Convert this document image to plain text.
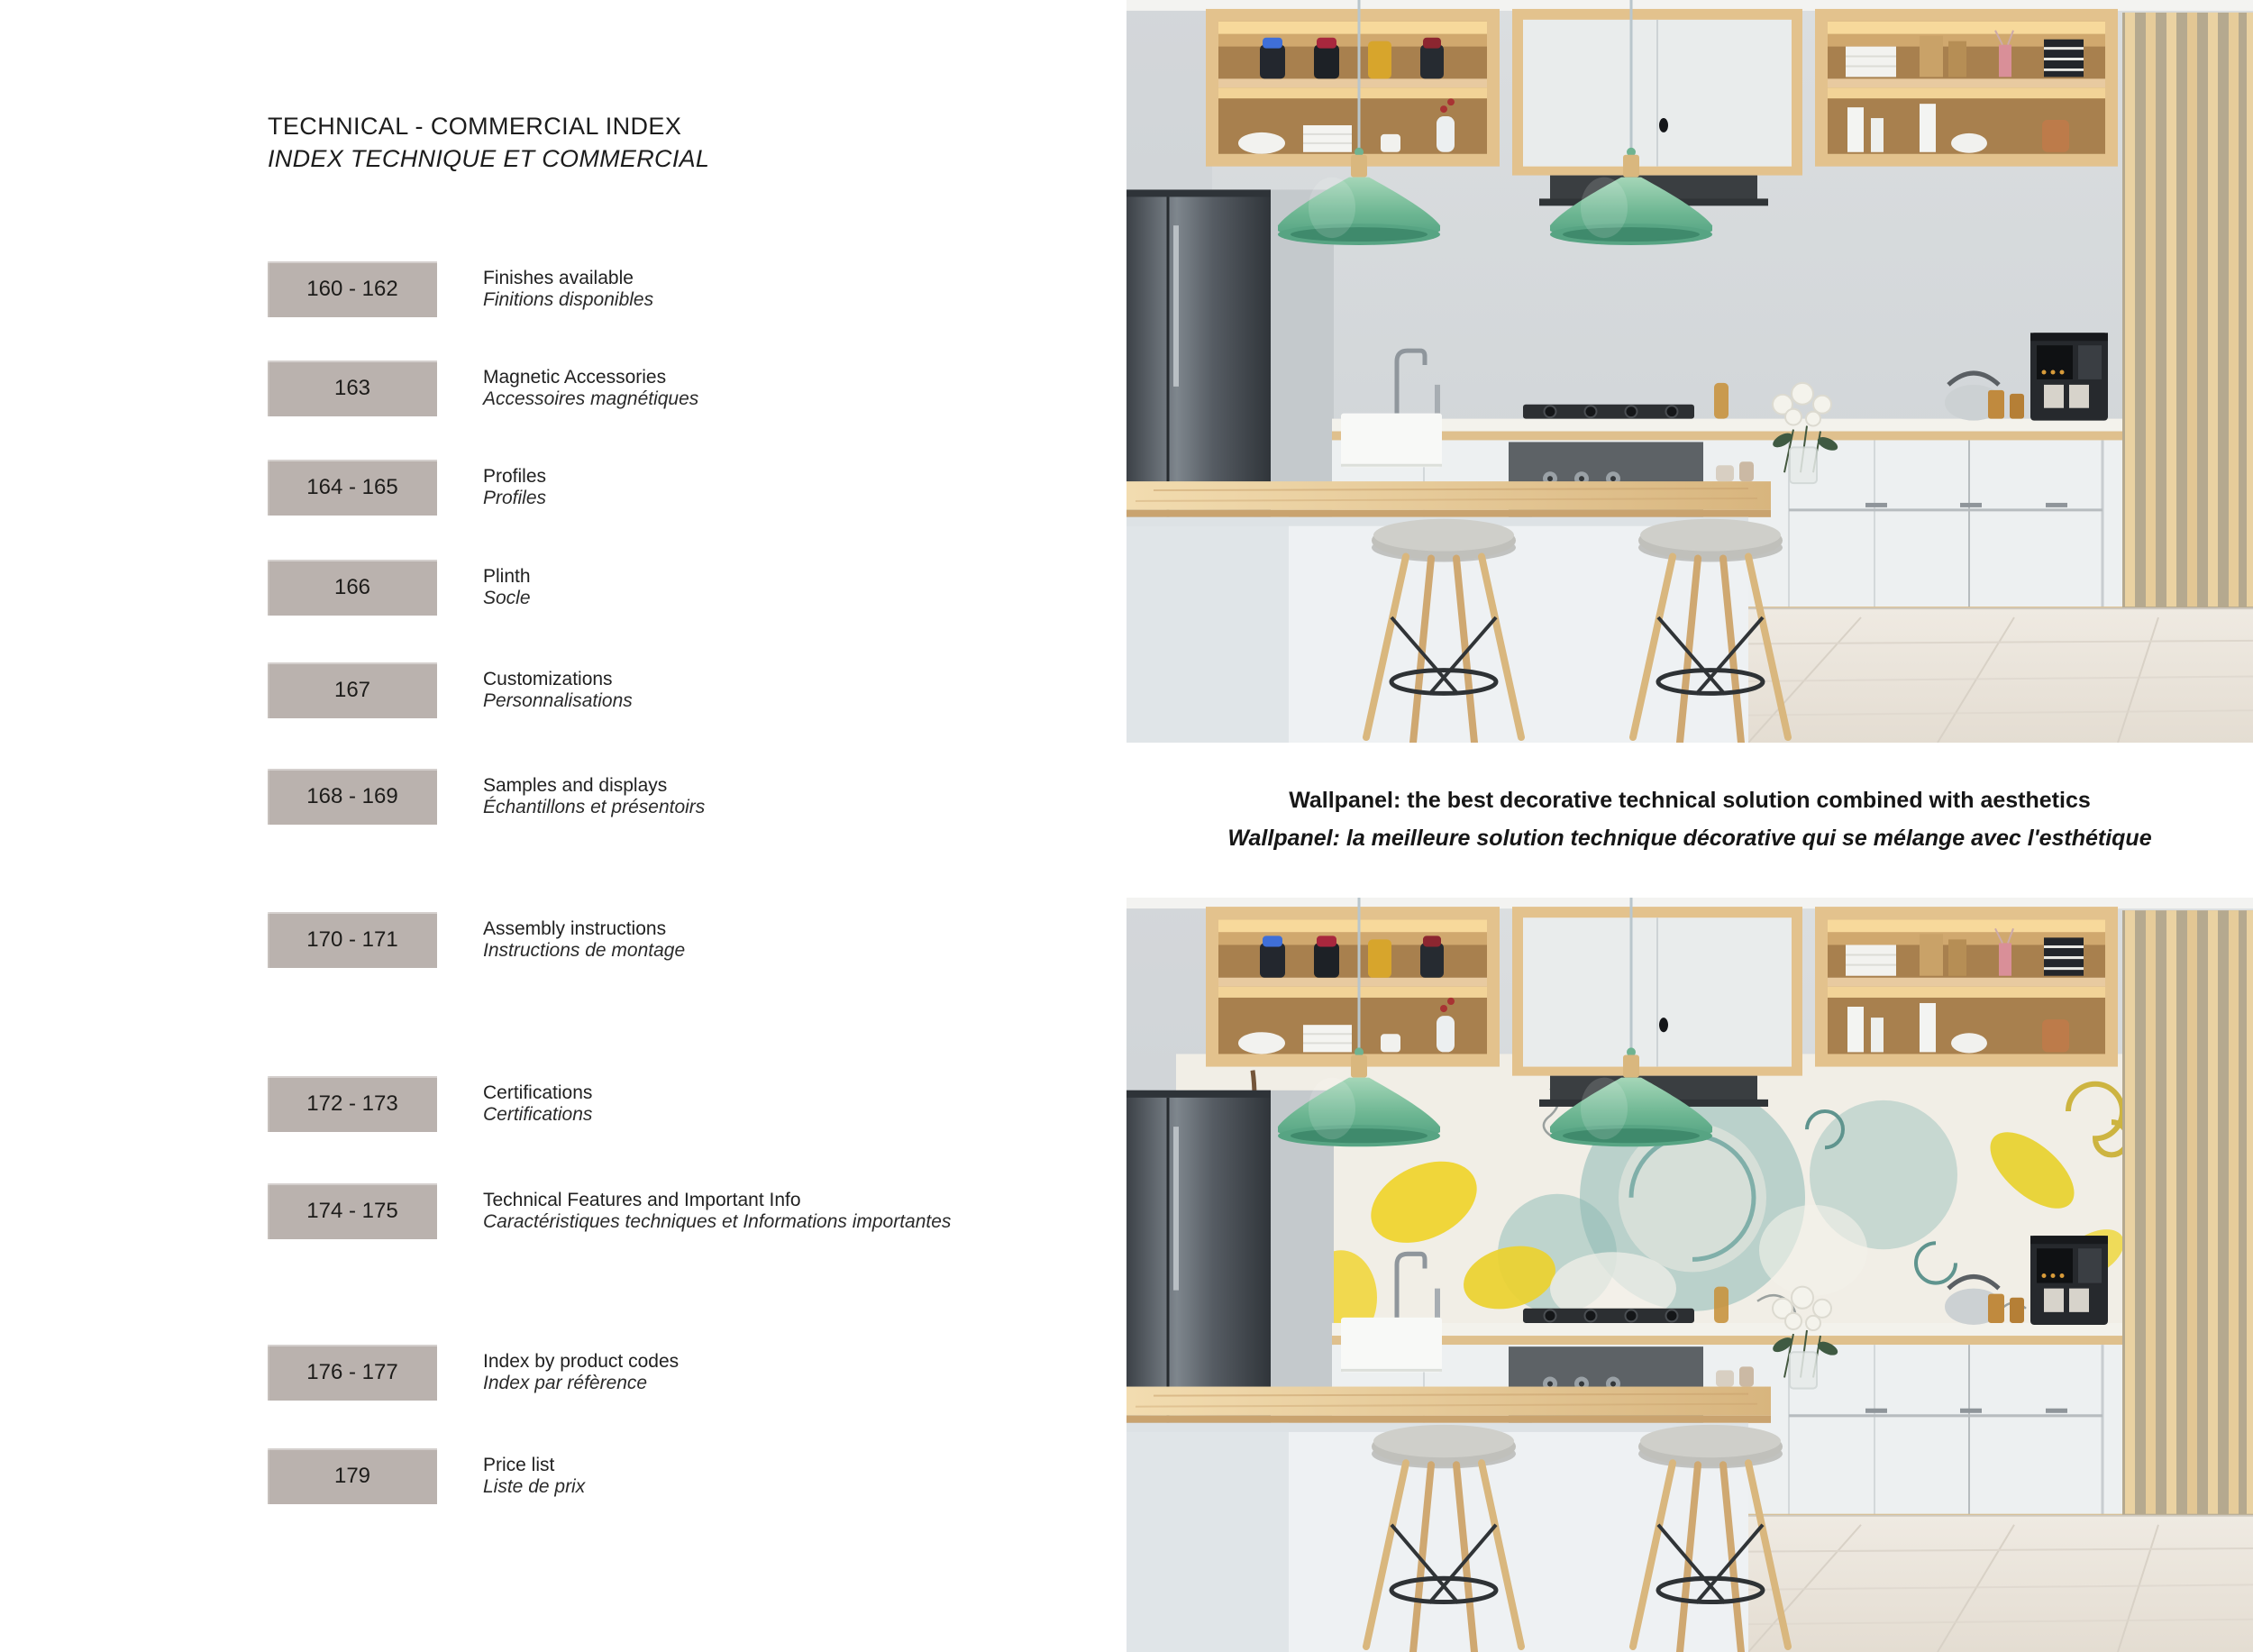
TECHNICAL - COMMERCIAL INDEX
INDEX TECHNIQUE ET COMMERCIAL
160 - 162	Finishes available
Finitions disponibles
163	Magnetic Accessories
Accessoires magnétiques
164 - 165	Profiles
Profiles
166	Plinth
Socle
167	Customizations
Personnalisations
168 - 169	Samples and displays
Échantillons et présentoirs
170 - 171	Assembly instructions
Instructions de montage
172 - 173	Certifications
Certifications
174 - 175	Technical Features and Important Info
Caractéristiques techniques et Informations importantes
176 - 177	Index by product codes
Index par réfèrence
179	Price list
Liste de prix
Wallpanel: the best decorative technical solution combined with aesthetics
Wallpanel: la meilleure solution technique décorative qui se mélange avec l'esthétique
